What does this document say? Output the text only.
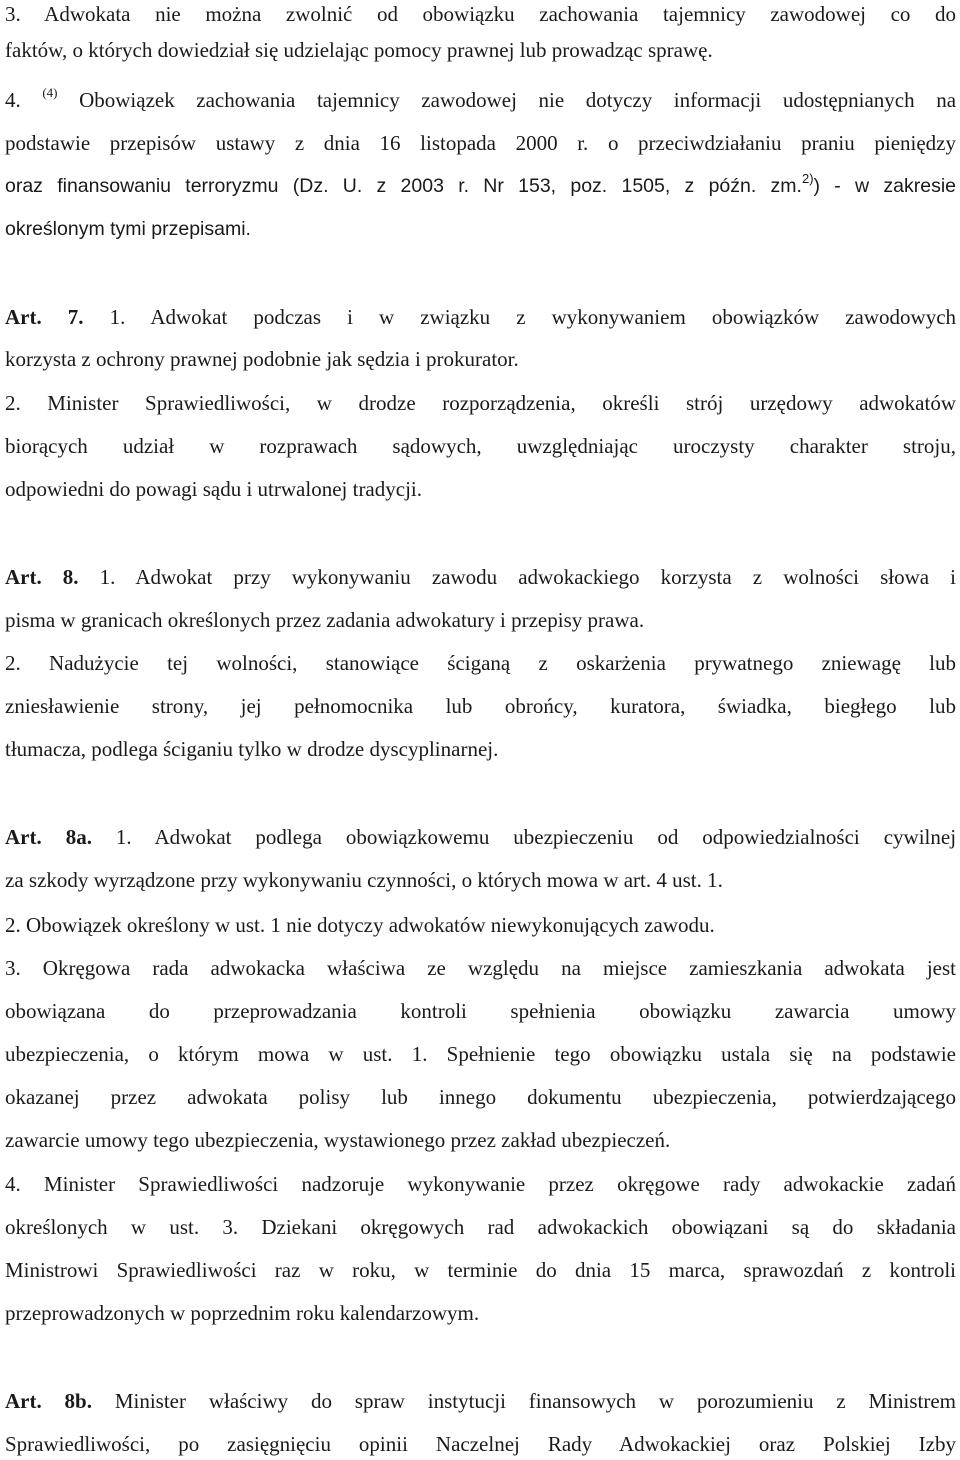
3. Adwokata nie można zwolnić od obowiązku zachowania tajemnicy zawodowej co do
faktów, o których dowiedział się udzielając pomocy prawnej lub prowadząc sprawę.
4. $^{(4)}$ Obowiązek zachowania tajemnicy zawodowej nie dotyczy informacji udostępnianych na
podstawie przepisów ustawy z dnia 16 listopada 2000 r. o przeciwdziałaniu praniu pieniędzy
oraz finansowaniu terroryzmu (Dz. U. z 2003 r. Nr 153, poz. 1505, z późn. zm.$^{2)}$) - w zakresie
określonym tymi przepisami.
Art. 7. 1. Adwokat podczas i w związku z wykonywaniem obowiązków zawodowych
korzysta z ochrony prawnej podobnie jak sędzia i prokurator.
2. Minister Sprawiedliwości, w drodze rozporządzenia, określi strój urzędowy adwokatów
biorących udział w rozprawach sądowych, uwzględniając uroczysty charakter stroju,
odpowiedni do powagi sądu i utrwalonej tradycji.
Art. 8. 1. Adwokat przy wykonywaniu zawodu adwokackiego korzysta z wolności słowa i
pisma w granicach określonych przez zadania adwokatury i przepisy prawa.
2. Nadużycie tej wolności, stanowiące ściganą z oskarżenia prywatnego zniewagę lub
zniesławienie strony, jej pełnomocnika lub obrońcy, kuratora, świadka, biegłego lub
tłumacza, podlega ściganiu tylko w drodze dyscyplinarnej.
Art. 8a. 1. Adwokat podlega obowiązkowemu ubezpieczeniu od odpowiedzialności cywilnej
za szkody wyrządzone przy wykonywaniu czynności, o których mowa w art. 4 ust. 1.
2. Obowiązek określony w ust. 1 nie dotyczy adwokatów niewykonujących zawodu.
3. Okręgowa rada adwokacka właściwa ze względu na miejsce zamieszkania adwokata jest
obowiązana do przeprowadzania kontroli spełnienia obowiązku zawarcia umowy
ubezpieczenia, o którym mowa w ust. 1. Spełnienie tego obowiązku ustala się na podstawie
okazanej przez adwokata polisy lub innego dokumentu ubezpieczenia, potwierdzającego
zawarcie umowy tego ubezpieczenia, wystawionego przez zakład ubezpieczeń.
4. Minister Sprawiedliwości nadzoruje wykonywanie przez okręgowe rady adwokackie zadań
określonych w ust. 3. Dziekani okręgowych rad adwokackich obowiązani są do składania
Ministrowi Sprawiedliwości raz w roku, w terminie do dnia 15 marca, sprawozdań z kontroli
przeprowadzonych w poprzednim roku kalendarzowym.
Art. 8b. Minister właściwy do spraw instytucji finansowych w porozumieniu z Ministrem
Sprawiedliwości, po zasięgnięciu opinii Naczelnej Rady Adwokackiej oraz Polskiej Izby
